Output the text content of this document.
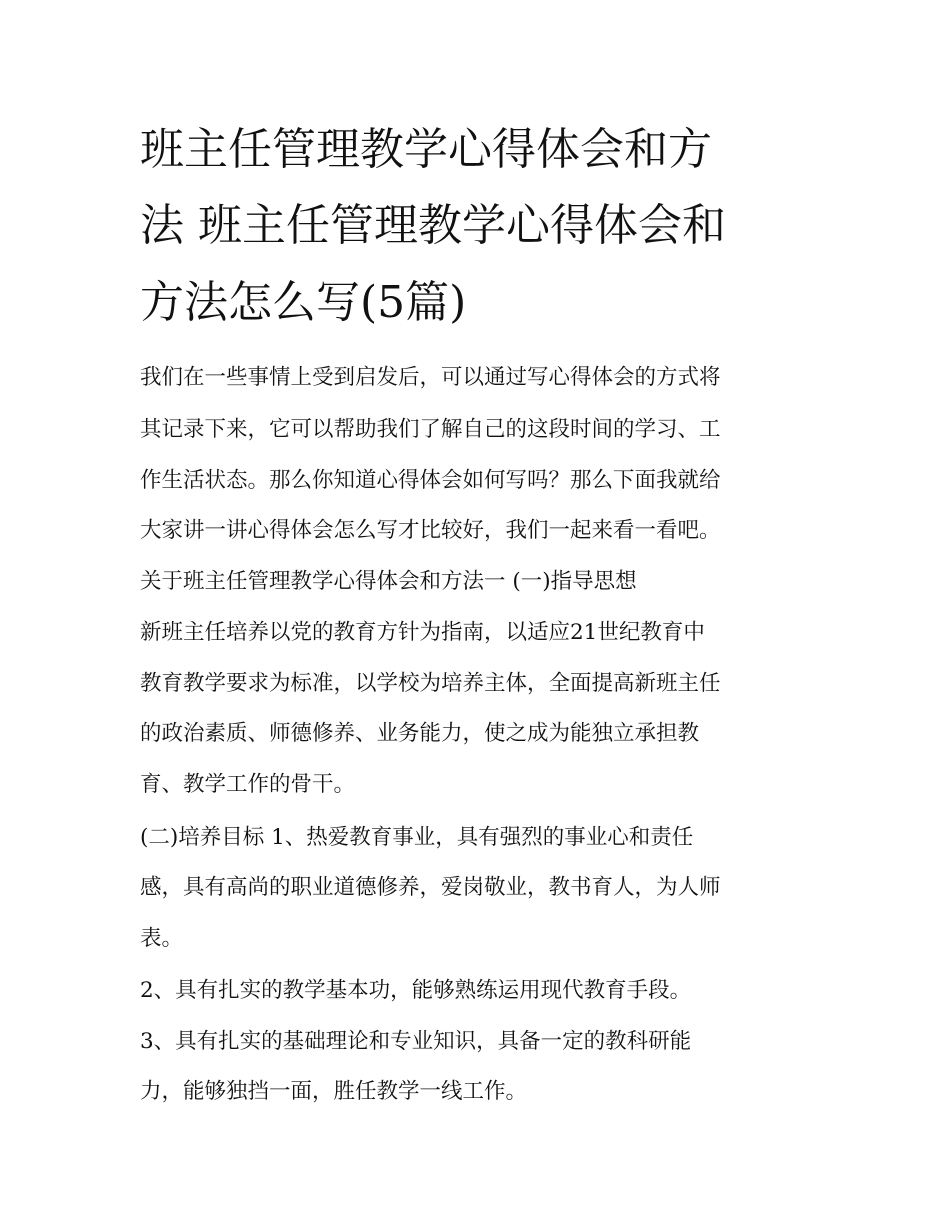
班主任管理教学心得体会和方
法 班主任管理教学心得体会和
方法怎么写(5篇)
我们在一些事情上受到启发后，可以通过写心得体会的方式将
其记录下来，它可以帮助我们了解自己的这段时间的学习、工
作生活状态。那么你知道心得体会如何写吗？那么下面我就给
大家讲一讲心得体会怎么写才比较好，我们一起来看一看吧。
关于班主任管理教学心得体会和方法一 (一)指导思想
新班主任培养以党的教育方针为指南，以适应21世纪教育中
教育教学要求为标准，以学校为培养主体，全面提高新班主任
的政治素质、师德修养、业务能力，使之成为能独立承担教
育、教学工作的骨干。
(二)培养目标 1、热爱教育事业，具有强烈的事业心和责任
感，具有高尚的职业道德修养，爱岗敬业，教书育人，为人师
表。
2、具有扎实的教学基本功，能够熟练运用现代教育手段。
3、具有扎实的基础理论和专业知识，具备一定的教科研能
力，能够独挡一面，胜任教学一线工作。
